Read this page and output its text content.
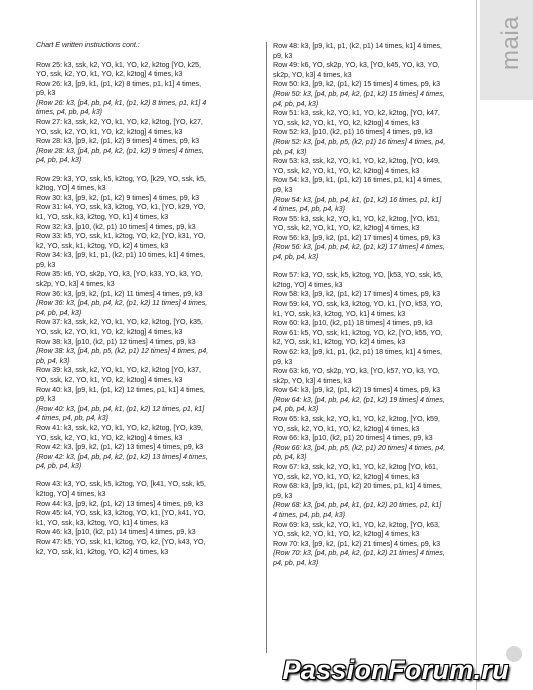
maia
Chart E written instructions cont.:
Row 25: k3, ssk, k2, YO, k1, YO, k2, k2tog [YO, k25,
YO, ssk, k2, YO, k1, YO, k2, k2tog] 4 times, k3
Row 26: k3, [p9, k1, (p1, k2) 8 times, p1, k1] 4 times,
p9, k3
{Row 26: k3, [p4, pb, p4, k1, (p1, k2) 8 times, p1, k1] 4
times, p4, pb, p4, k3}
Row 27: k3, ssk, k2, YO, k1, YO, k2, k2tog, [YO, k27,
YO, ssk, k2, YO, k1, YO, k2, k2tog] 4 times, k3
Row 28: k3, [p9, k2, (p1, k2) 9 times] 4 times, p9, k3
{Row 28: k3, [p4, pb, p4, k2, (p1, k2) 9 times] 4 times,
p4, pb, p4, k3}
Row 29: k3, YO, ssk, k5, k2tog, YO, [k29, YO, ssk, k5,
k2tog, YO] 4 times, k3
Row 30: k3, [p9, k2, (p1, k2) 9 times] 4 times, p9, k3
Row 31: k4, YO, ssk, k3, k2tog, YO, k1, [YO, k29, YO,
k1, YO, ssk, k3, k2tog, YO, k1] 4 times, k3
Row 32: k3, [p10, (k2, p1) 10 times] 4 times, p9, k3
Row 33: k5, YO, ssk, k1, k2tog, YO, k2, [YO, k31, YO,
k2, YO, ssk, k1, k2tog, YO, k2] 4 times, k3
Row 34: k3, [p9, k1, p1, (k2, p1) 10 times, k1] 4 times,
p9, k3
Row 35: k6, YO, sk2p, YO, k3, [YO, k33, YO, k3, YO,
sk2p, YO, k3] 4 times, k3
Row 36: k3, [p9, k2, (p1, k2) 11 times] 4 times, p9, k3
{Row 36: k3, [p4, pb, p4, k2, (p1, k2) 11 times] 4 times,
p4, pb, p4, k3}
Row 37: k3, ssk, k2, YO, k1, YO, k2, k2tog, [YO, k35,
YO, ssk, k2, YO, k1, YO, k2, k2tog] 4 times, k3
Row 38: k3, [p10, (k2, p1) 12 times] 4 times, p9, k3
{Row 38: k3, [p4, pb, p5, (k2, p1) 12 times] 4 times, p4,
pb, p4, k3}
Row 39: k3, ssk, k2, YO, k1, YO, k2, k2tog [YO, k37,
YO, ssk, k2, YO, k1, YO, k2, k2tog] 4 times, k3
Row 40: k3, [p9, k1, (p1, k2) 12 times, p1, k1] 4 times,
p9, k3
{Row 40: k3, [p4, pb, p4, k1, (p1, k2) 12 times, p1, k1]
4 times, p4, pb, p4, k3}
Row 41: k3, ssk, k2, YO, k1, YO, k2, k2tog, [YO, k39,
YO, ssk, k2, YO, k1, YO, k2, k2tog] 4 times, k3
Row 42: k3, [p9, k2, (p1, k2) 13 times] 4 times, p9, k3
{Row 42: k3, [p4, pb, p4, k2, (p1, k2) 13 times] 4 times,
p4, pb, p4, k3}
Row 43: k3, YO, ssk, k5, k2tog, YO, [k41, YO, ssk, k5,
k2tog, YO] 4 times, k3
Row 44: k3, [p9, k2, (p1, k2) 13 times] 4 times, p9, k3
Row 45: k4, YO, ssk, k3, k2tog, YO, k1, [YO, k41, YO,
k1, YO, ssk, k3, k2tog, YO, k1] 4 times, k3
Row 46: k3, [p10, (k2, p1) 14 times] 4 times, p9, k3
Row 47: k5, YO, ssk, k1, k2tog, YO, k2, [YO, k43, YO,
k2, YO, ssk, k1, k2tog, YO, k2] 4 times, k3
Row 48: k3, [p9, k1, p1, (k2, p1) 14 times, k1] 4 times,
p9, k3
Row 49: k6, YO, sk2p, YO, k3, [YO, k45, YO, k3, YO,
sk2p, YO, k3] 4 times, k3
Row 50: k3, [p9, k2, (p1, k2) 15 times] 4 times, p9, k3
{Row 50: k3, [p4, pb, p4, k2, (p1, k2) 15 times] 4 times,
p4, pb, p4, k3}
Row 51: k3, ssk, k2, YO, k1, YO, k2, k2tog, [YO, k47,
YO, ssk, k2, YO, k1, YO, k2, k2tog] 4 times, k3
Row 52: k3, [p10, (k2, p1) 16 times] 4 times, p9, k3
{Row 52: k3, [p4, pb, p5, (k2, p1) 16 times] 4 times, p4,
pb, p4, k3}
Row 53: k3, ssk, k2, YO, k1, YO, k2, k2tog, [YO, k49,
YO, ssk, k2, YO, k1, YO, k2, k2tog] 4 times, k3
Row 54: k3, [p9, k1, (p1, k2) 16 times, p1, k1] 4 times,
p9, k3
{Row 54: k3, [p4, pb, p4, k1, (p1, k2) 16 times, p1, k1]
4 times, p4, pb, p4, k3}
Row 55: k3, ssk, k2, YO, k1, YO, k2, k2tog, [YO, k51,
YO, ssk, k2, YO, k1, YO, k2, k2tog] 4 times, k3
Row 56: k3, [p9, k2, (p1, k2) 17 times] 4 times, p9, k3
{Row 56: k3, [p4, pb, p4, k2, (p1, k2) 17 times] 4 times,
p4, pb, p4, k3}
Row 57: k3, YO, ssk, k5, k2tog, YO, [k53, YO, ssk, k5,
k2tog, YO] 4 times, k3
Row 58: k3, [p9, k2, (p1, k2) 17 times] 4 times, p9, k3
Row 59: k4, YO, ssk, k3, k2tog, YO, k1, [YO, k53, YO,
k1, YO, ssk, k3, k2tog, YO, k1] 4 times, k3
Row 60: k3, [p10, (k2, p1) 18 times] 4 times, p9, k3
Row 61: k5, YO, ssk, k1, k2tog, YO, k2, [YO, k55, YO,
k2, YO, ssk, k1, k2tog, YO, k2] 4 times, k3
Row 62: k3, [p9, k1, p1, (k2, p1) 18 times, k1] 4 times,
p9, k3
Row 63: k6, YO, sk2p, YO, k3, [YO, k57, YO, k3, YO,
sk2p, YO, k3] 4 times, k3
Row 64: k3, [p9, k2, (p1, k2) 19 times] 4 times, p9, k3
{Row 64: k3, [p4, pb, p4, k2, (p1, k2) 19 times] 4 times,
p4, pb, p4, k3}
Row 65: k3, ssk, k2, YO, k1, YO, k2, k2tog, [YO, k59,
YO, ssk, k2, YO, k1, YO, k2, k2tog] 4 times, k3
Row 66: k3, [p10, (k2, p1) 20 times] 4 times, p9, k3
{Row 66: k3, [p4, pb, p5, (k2, p1) 20 times] 4 times, p4,
pb, p4, k3}
Row 67: k3, ssk, k2, YO, k1, YO, k2, k2tog [YO, k61,
YO, ssk, k2, YO, k1, YO, k2, k2tog] 4 times, k3
Row 68: k3, [p9, k1, (p1, k2) 20 times, p1, k1] 4 times,
p9, k3
{Row 68: k3, [p4, pb, p4, k1, (p1, k2) 20 times, p1, k1]
4 times, p4, pb, p4, k3}
Row 69: k3, ssk, k2, YO, k1, YO, k2, k2tog, [YO, k63,
YO, ssk, k2, YO, k1, YO, k2, k2tog] 4 times, k3
Row 70: k3, [p9, k2, (p1, k2) 21 times] 4 times, p9, k3
{Row 70: k3, [p4, pb, p4, k2, (p1, k2) 21 times] 4 times,
p4, pb, p4, k3}
PassionForum.ru
